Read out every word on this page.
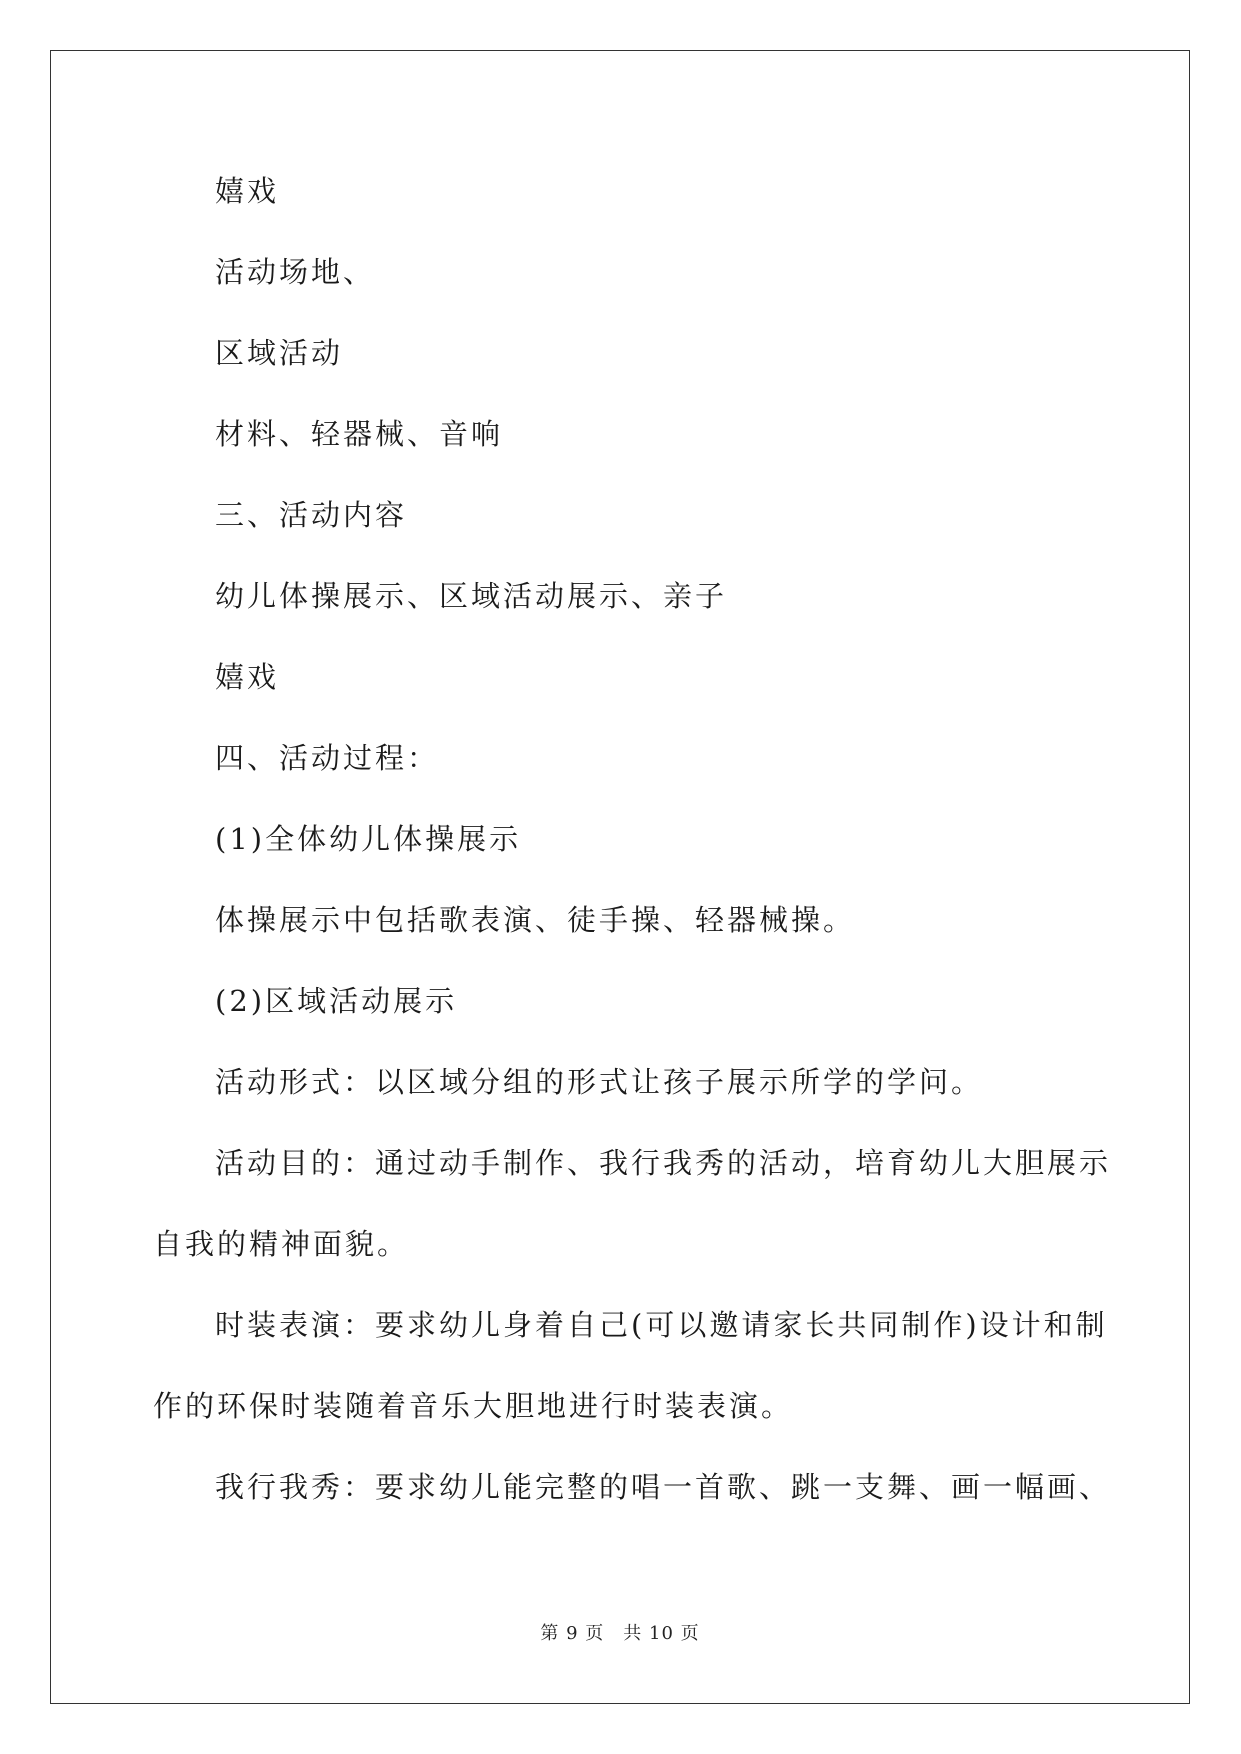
嬉戏
活动场地、
区域活动
材料、轻器械、音响
三、活动内容
幼儿体操展示、区域活动展示、亲子
嬉戏
四、活动过程：
(1)全体幼儿体操展示
体操展示中包括歌表演、徒手操、轻器械操。
(2)区域活动展示
活动形式：以区域分组的形式让孩子展示所学的学问。
活动目的：通过动手制作、我行我秀的活动，培育幼儿大胆展示
自我的精神面貌。
时装表演：要求幼儿身着自己(可以邀请家长共同制作)设计和制
作的环保时装随着音乐大胆地进行时装表演。
我行我秀：要求幼儿能完整的唱一首歌、跳一支舞、画一幅画、
第 9 页　共 10 页
